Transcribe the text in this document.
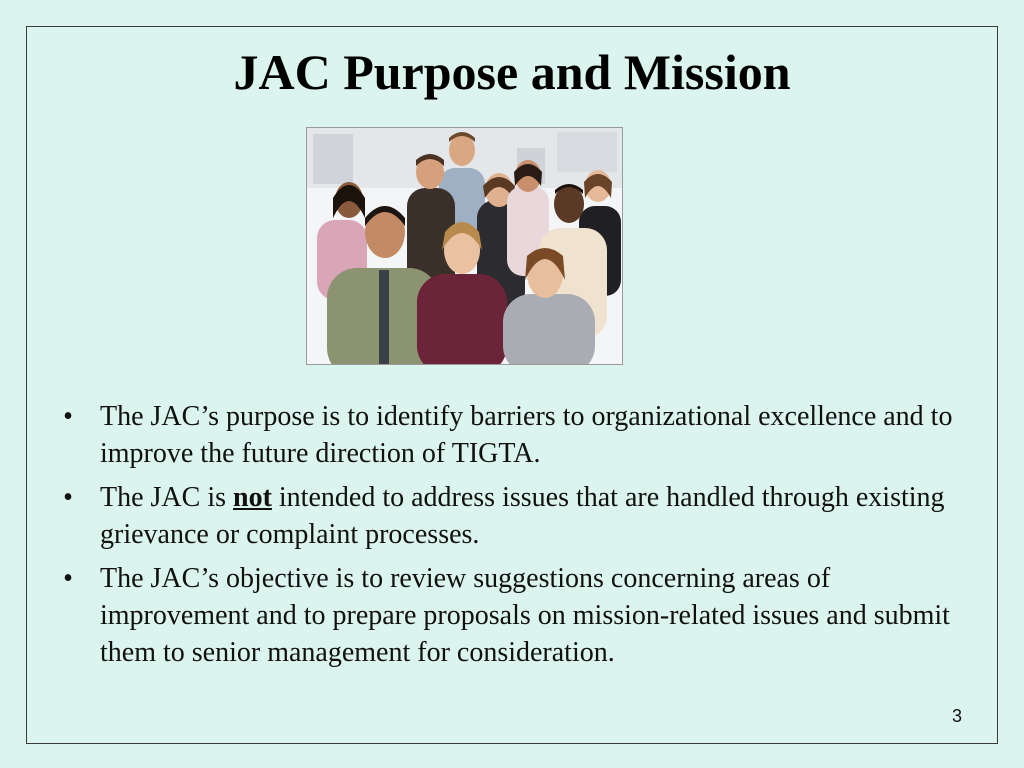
JAC Purpose and Mission
• The JAC’s purpose is to identify barriers to organizational excellence and to improve the future direction of TIGTA.
• The JAC is not intended to address issues that are handled through existing grievance or complaint processes.
• The JAC’s objective is to review suggestions concerning areas of improvement and to prepare proposals on mission-related issues and submit them to senior management for consideration.
3
